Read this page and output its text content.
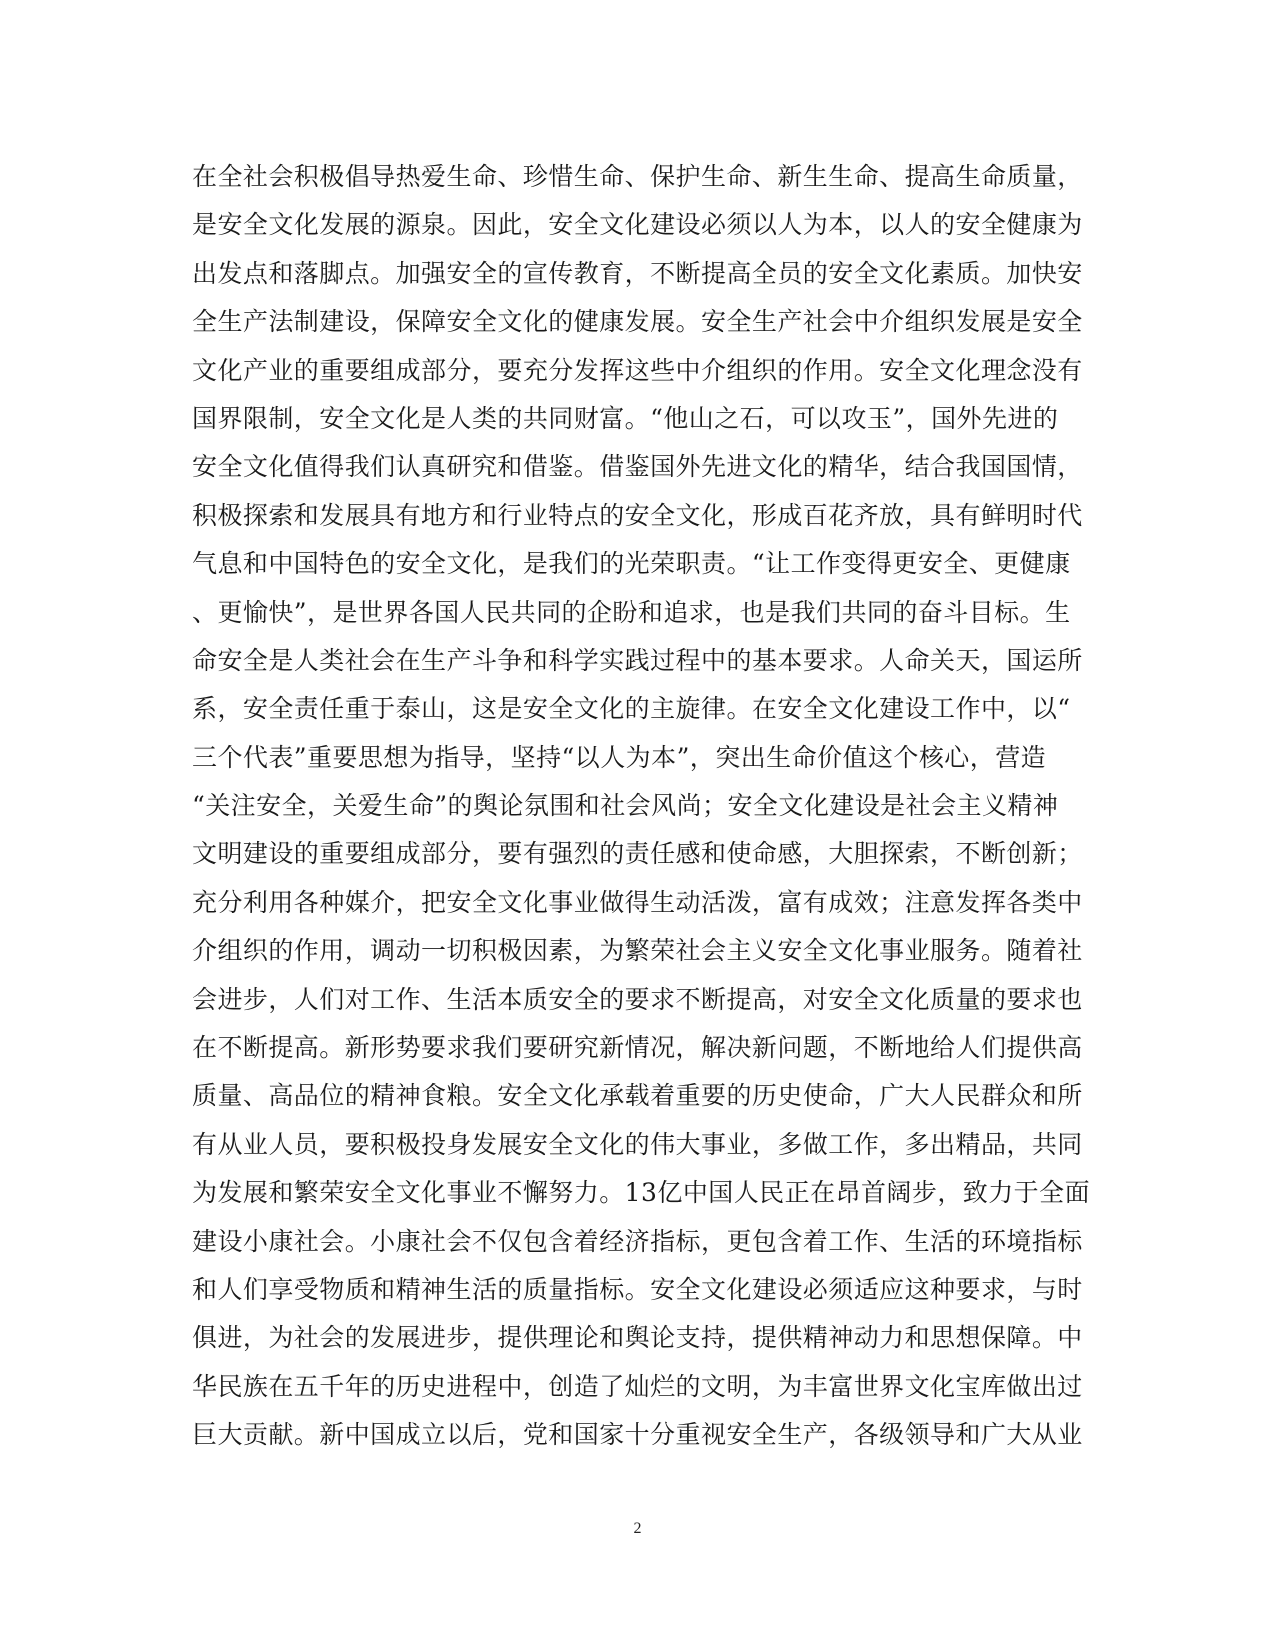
在全社会积极倡导热爱生命、珍惜生命、保护生命、新生生命、提高生命质量，
是安全文化发展的源泉。因此，安全文化建设必须以人为本，以人的安全健康为
出发点和落脚点。加强安全的宣传教育，不断提高全员的安全文化素质。加快安
全生产法制建设，保障安全文化的健康发展。安全生产社会中介组织发展是安全
文化产业的重要组成部分，要充分发挥这些中介组织的作用。安全文化理念没有
国界限制，安全文化是人类的共同财富。“他山之石，可以攻玉”，国外先进的
安全文化值得我们认真研究和借鉴。借鉴国外先进文化的精华，结合我国国情，
积极探索和发展具有地方和行业特点的安全文化，形成百花齐放，具有鲜明时代
气息和中国特色的安全文化，是我们的光荣职责。“让工作变得更安全、更健康
、更愉快”，是世界各国人民共同的企盼和追求，也是我们共同的奋斗目标。生
命安全是人类社会在生产斗争和科学实践过程中的基本要求。人命关天，国运所
系，安全责任重于泰山，这是安全文化的主旋律。在安全文化建设工作中，以“
三个代表”重要思想为指导，坚持“以人为本”，突出生命价值这个核心，营造
“关注安全，关爱生命”的舆论氛围和社会风尚；安全文化建设是社会主义精神
文明建设的重要组成部分，要有强烈的责任感和使命感，大胆探索，不断创新；
充分利用各种媒介，把安全文化事业做得生动活泼，富有成效；注意发挥各类中
介组织的作用，调动一切积极因素，为繁荣社会主义安全文化事业服务。随着社
会进步，人们对工作、生活本质安全的要求不断提高，对安全文化质量的要求也
在不断提高。新形势要求我们要研究新情况，解决新问题，不断地给人们提供高
质量、高品位的精神食粮。安全文化承载着重要的历史使命，广大人民群众和所
有从业人员，要积极投身发展安全文化的伟大事业，多做工作，多出精品，共同
为发展和繁荣安全文化事业不懈努力。13亿中国人民正在昂首阔步，致力于全面
建设小康社会。小康社会不仅包含着经济指标，更包含着工作、生活的环境指标
和人们享受物质和精神生活的质量指标。安全文化建设必须适应这种要求，与时
俱进，为社会的发展进步，提供理论和舆论支持，提供精神动力和思想保障。中
华民族在五千年的历史进程中，创造了灿烂的文明，为丰富世界文化宝库做出过
巨大贡献。新中国成立以后，党和国家十分重视安全生产，各级领导和广大从业
2
